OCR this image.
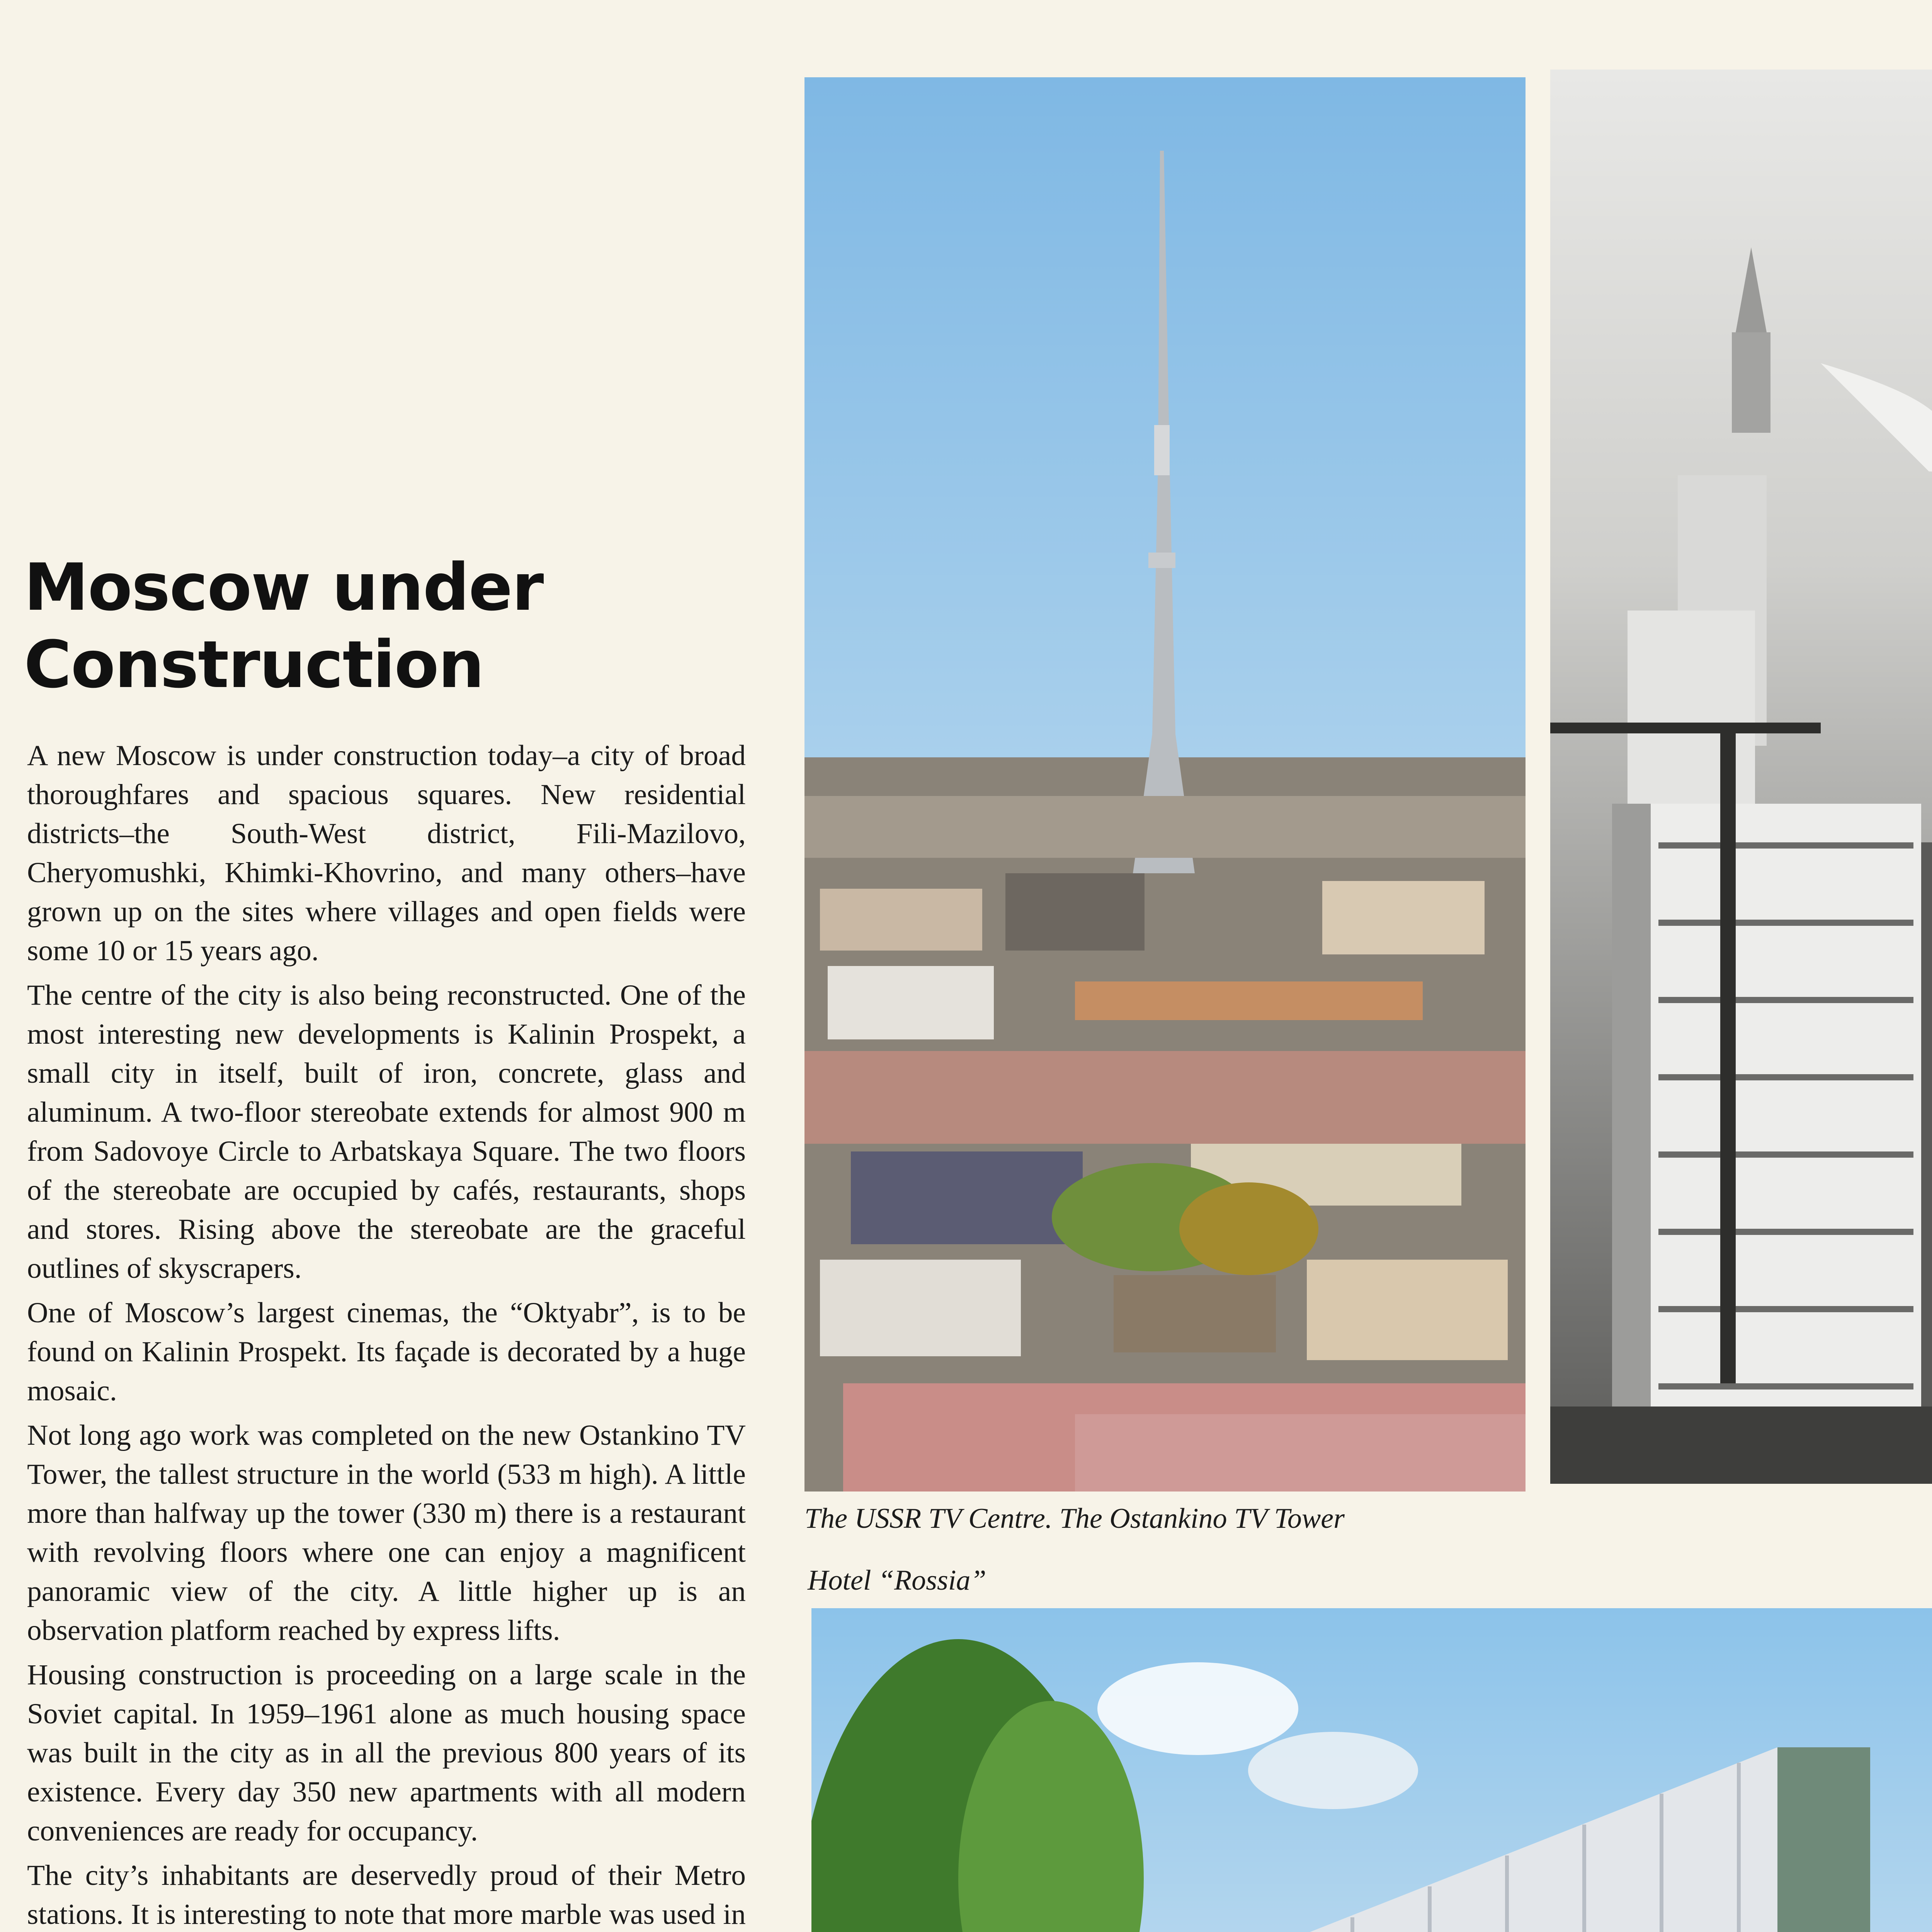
Moscow under
Construction

A new Moscow is under construction today–a city of broad thoroughfares and spacious squares. New residential districts–the South-West district, Fili-Mazilovo, Cheryomushki, Khimki-Khovrino, and many others–have grown up on the sites where villages and open fields were some 10 or 15 years ago.

The centre of the city is also being reconstructed. One of the most interesting new developments is Kalinin Prospekt, a small city in itself, built of iron, concrete, glass and aluminum. A two-floor stereobate extends for almost 900 m from Sadovoye Circle to Arbatskaya Square. The two floors of the stereobate are occupied by cafés, restaurants, shops and stores. Rising above the stereobate are the graceful outlines of skyscrapers.

One of Moscow’s largest cinemas, the “Oktyabr”, is to be found on Kalinin Prospekt. Its façade is decorated by a huge mosaic.

Not long ago work was completed on the new Ostankino TV Tower, the tallest structure in the world (533 m high). A little more than halfway up the tower (330 m) there is a restaurant with revolving floors where one can enjoy a magnificent panoramic view of the city. A little higher up is an observation platform reached by express lifts.

Housing construction is proceeding on a large scale in the Soviet capital. In 1959–1961 alone as much housing space was built in the city as in all the previous 800 years of its existence. Every day 350 new apartments with all modern conveniences are ready for occupancy.

The city’s inhabitants are deservedly proud of their Metro stations. It is interesting to note that more marble was used in

The USSR TV Centre. The Ostankino TV Tower
Hotel “Rossia”
